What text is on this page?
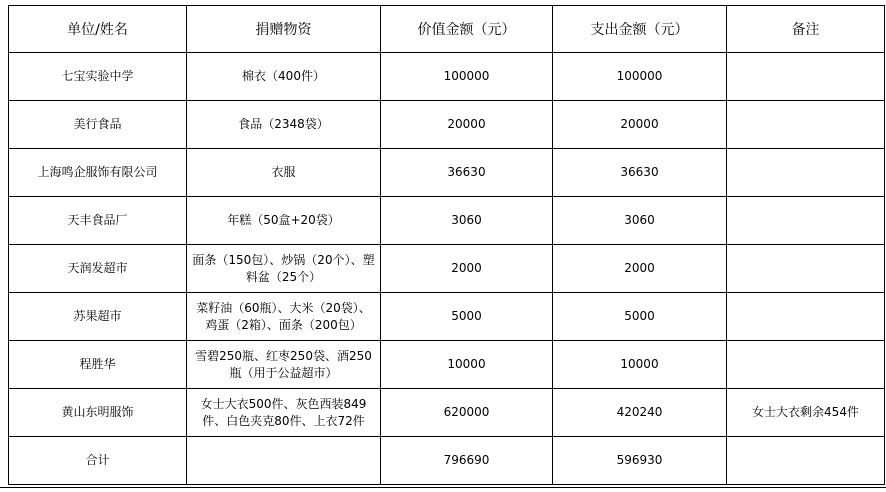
单位/姓名	捐赠物资	价值金额（元）	支出金额（元）	备注
七宝实验中学	棉衣（400件）	100000	100000	
美行食品	食品（2348袋）	20000	20000	
上海鸣企服饰有限公司	衣服	36630	36630	
天丰食品厂	年糕（50盒+20袋）	3060	3060	
天润发超市	面条（150包）、炒锅（20个）、塑料盆（25个）	2000	2000	
苏果超市	菜籽油（60瓶）、大米（20袋）、鸡蛋（2箱）、面条（200包）	5000	5000	
程胜华	雪碧250瓶、红枣250袋、酒250瓶（用于公益超市）	10000	10000	
黄山东明服饰	女士大衣500件、灰色西装849件、白色夹克80件、上衣72件	620000	420240	女士大衣剩余454件
合计		796690	596930	
